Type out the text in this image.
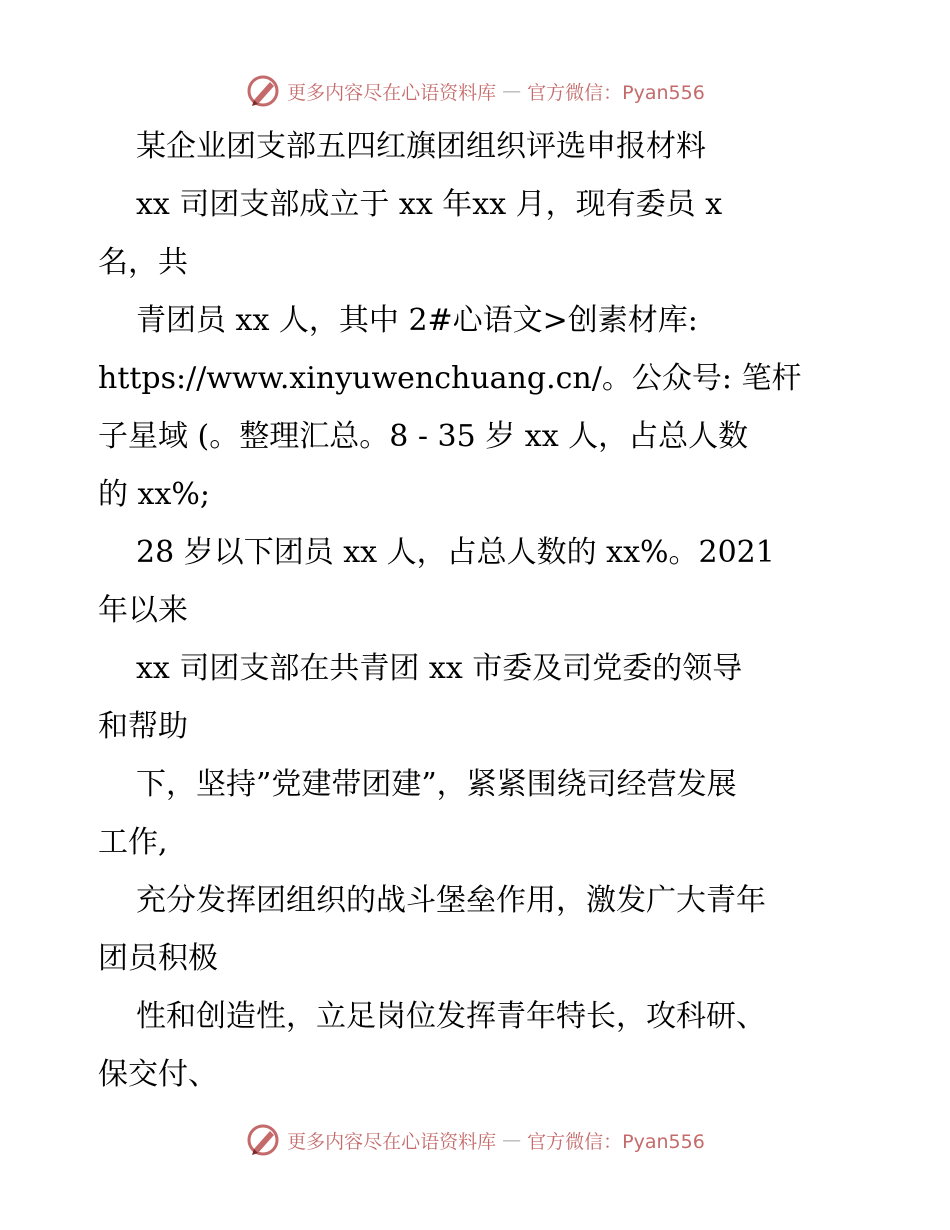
更多内容尽在心语资料库 — 官方微信：Pyan556
某企业团支部五四红旗团组织评选申报材料
xx 司团支部成立于 xx 年xx 月，现有委员 x
名，共
青团员 xx 人，其中 2#心语文>创素材库:
https://www.xinyuwenchuang.cn/。公众号: 笔杆
子星域 (。整理汇总。8 - 35 岁 xx 人，占总人数
的 xx%;
28 岁以下团员 xx 人，占总人数的 xx%。2021
年以来
xx 司团支部在共青团 xx 市委及司党委的领导
和帮助
下，坚持”党建带团建”，紧紧围绕司经营发展
工作,
充分发挥团组织的战斗堡垒作用，激发广大青年
团员积极
性和创造性，立足岗位发挥青年特长，攻科研、
保交付、
更多内容尽在心语资料库 — 官方微信：Pyan556
